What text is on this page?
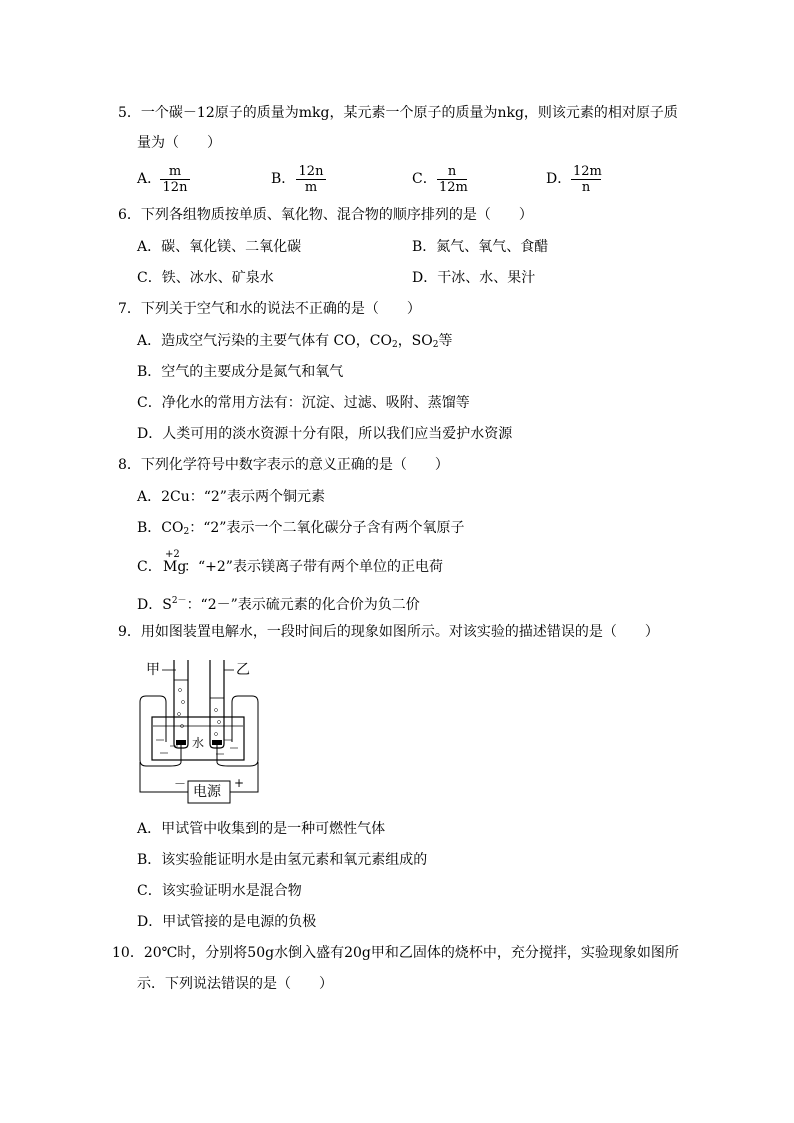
5．一个碳－12原子的质量为mkg，某元素一个原子的质量为nkg，则该元素的相对原子质
量为（　　）
A．
$\frac{m}{12n}$	B． $\frac{12n}{m}$	C． $\frac{n}{12m}$	D． $\frac{12m}{n}$
6．下列各组物质按单质、氧化物、混合物的顺序排列的是（　　）
A．碳、氧化镁、二氧化碳	B．氮气、氧气、食醋
C．铁、冰水、矿泉水	D．干冰、水、果汁
7．下列关于空气和水的说法不正确的是（　　）
A．造成空气污染的主要气体有 CO，$CO_2$，$SO_2$等
B．空气的主要成分是氮气和氧气
C．净化水的常用方法有：沉淀、过滤、吸附、蒸馏等
D．人类可用的淡水资源十分有限，所以我们应当爱护水资源
8．下列化学符号中数字表示的意义正确的是（　　）
A．2Cu：“2”表示两个铜元素
B．$CO_2$：“2”表示一个二氧化碳分子含有两个氧原子
C．
+2
Mg
：“+2”表示镁离子带有两个单位的正电荷
D．$S^{2-}$：“2－”表示硫元素的化合价为负二价
9．用如图装置电解水，一段时间后的现象如图所示。对该实验的描述错误的是（　　）
甲	乙
水
电源
－	+
A．甲试管中收集到的是一种可燃性气体
B．该实验能证明水是由氢元素和氧元素组成的
C．该实验证明水是混合物
D．甲试管接的是电源的负极
10．20℃时，分别将50g水倒入盛有20g甲和乙固体的烧杯中，充分搅拌，实验现象如图所
示．下列说法错误的是（　　）
